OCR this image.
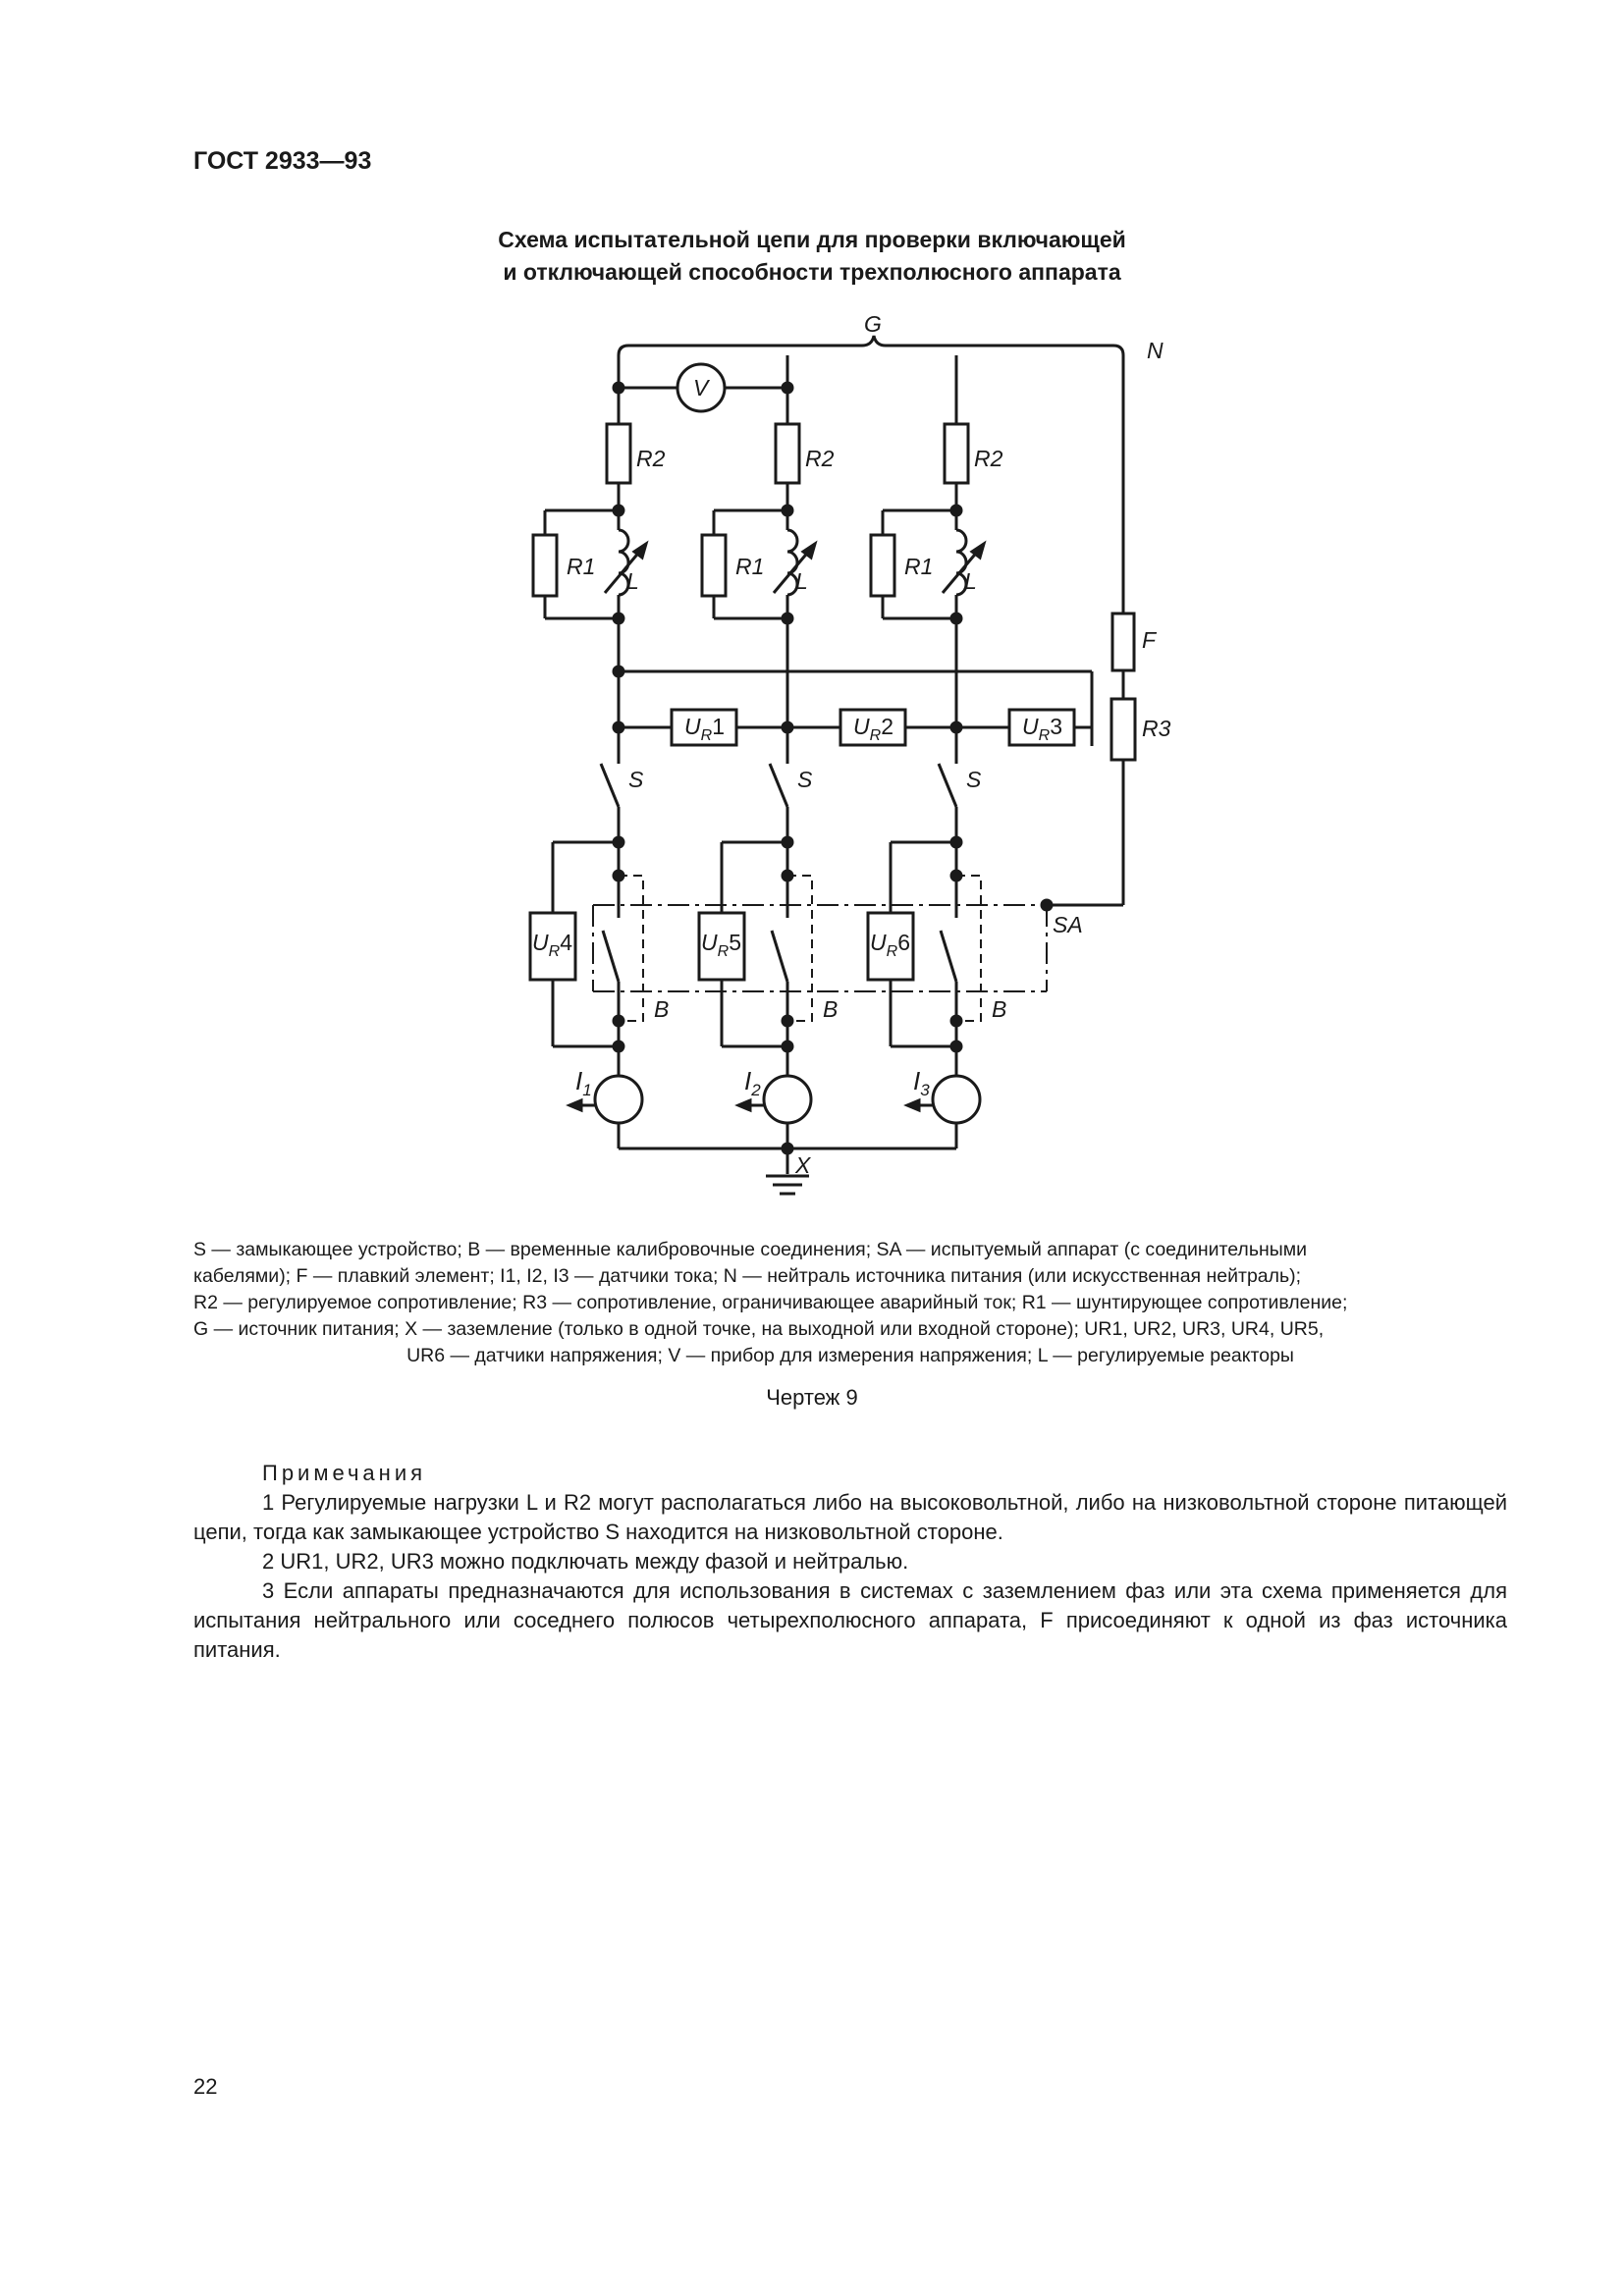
ГОСТ 2933—93
Схема испытательной цепи для проверки включающей
и отключающей способности трехполюсного аппарата
G
N
V
R2
R1
L
R2
R1
L
R2
R1
L
F
R3
$U_R1$	$U_R2$	$U_R3$
S	S	S
$U_R4$	$U_R5$	$U_R6$
SA
B	B	B
$I_1$	$I_2$	$I_3$
X

S — замыкающее устройство; B — временные калибровочные соединения; SA — испытуемый аппарат (с соединительными

кабелями); F — плавкий элемент; I1, I2, I3 — датчики тока; N — нейтраль источника питания (или искусственная нейтраль);

R2 — регулируемое сопротивление; R3 — сопротивление, ограничивающее аварийный ток; R1 — шунтирующее сопротивление;

G — источник питания; X — заземление (только в одной точке, на выходной или входной стороне); UR1, UR2, UR3, UR4, UR5,

UR6 — датчики напряжения; V — прибор для измерения напряжения; L — регулируемые реакторы

Чертеж 9

Примечания

1 Регулируемые нагрузки L и R2 могут располагаться либо на высоковольтной, либо на низковольтной стороне питающей цепи, тогда как замыкающее устройство S находится на низковольтной стороне.

2 UR1, UR2, UR3 можно подключать между фазой и нейтралью.

3 Если аппараты предназначаются для использования в системах с заземлением фаз или эта схема применяется для испытания нейтрального или соседнего полюсов четырехполюсного аппарата, F присоединяют к одной из фаз источника питания.

22
